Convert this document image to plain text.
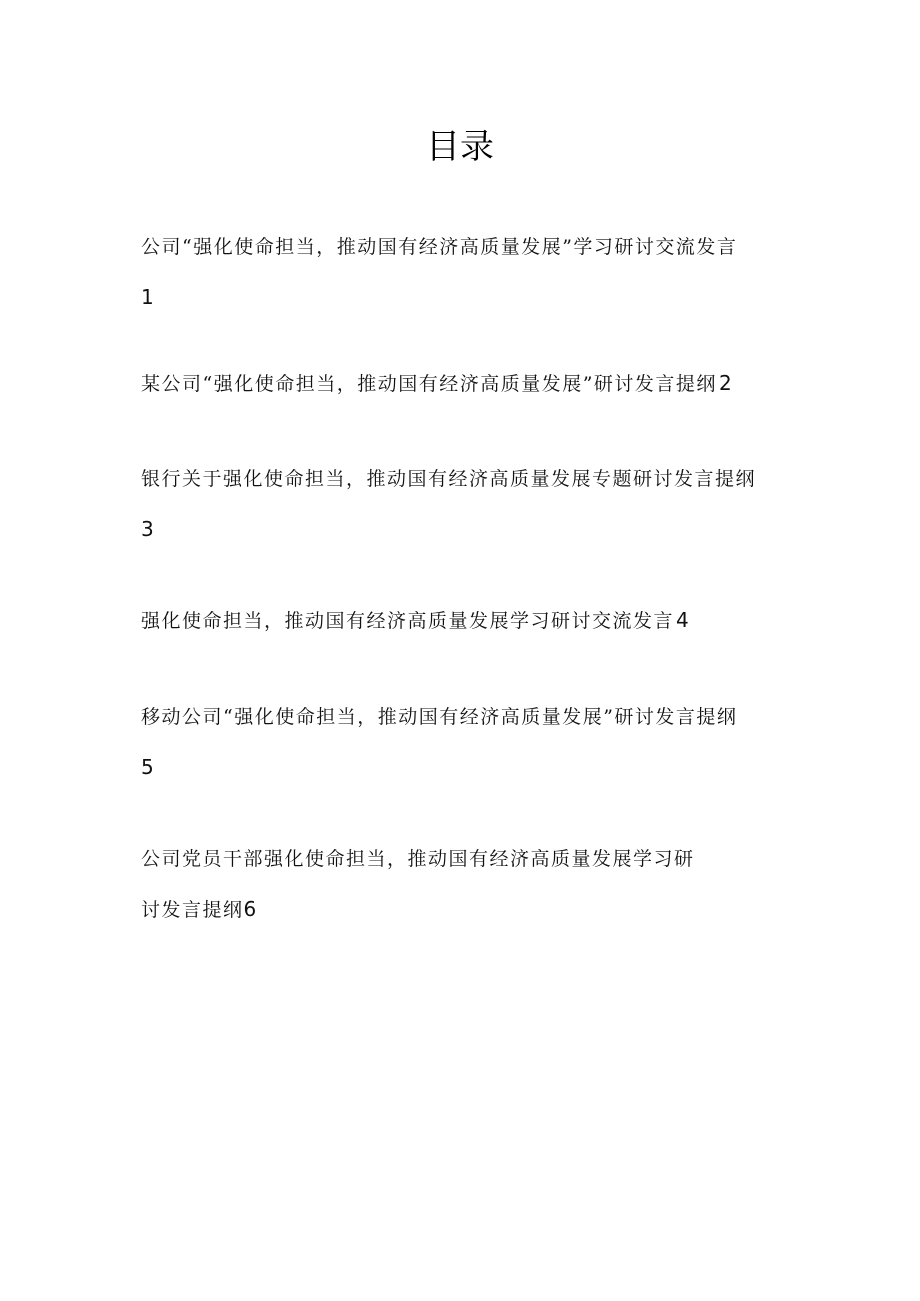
目录
公司“强化使命担当，推动国有经济高质量发展”学习研讨交流发言
1
某公司“强化使命担当，推动国有经济高质量发展”研讨发言提纲 2
银行关于强化使命担当，推动国有经济高质量发展专题研讨发言提纲
3
强化使命担当，推动国有经济高质量发展学习研讨交流发言 4
移动公司“强化使命担当，推动国有经济高质量发展”研讨发言提纲
5
公司党员干部强化使命担当，推动国有经济高质量发展学习研
讨发言提纲6
